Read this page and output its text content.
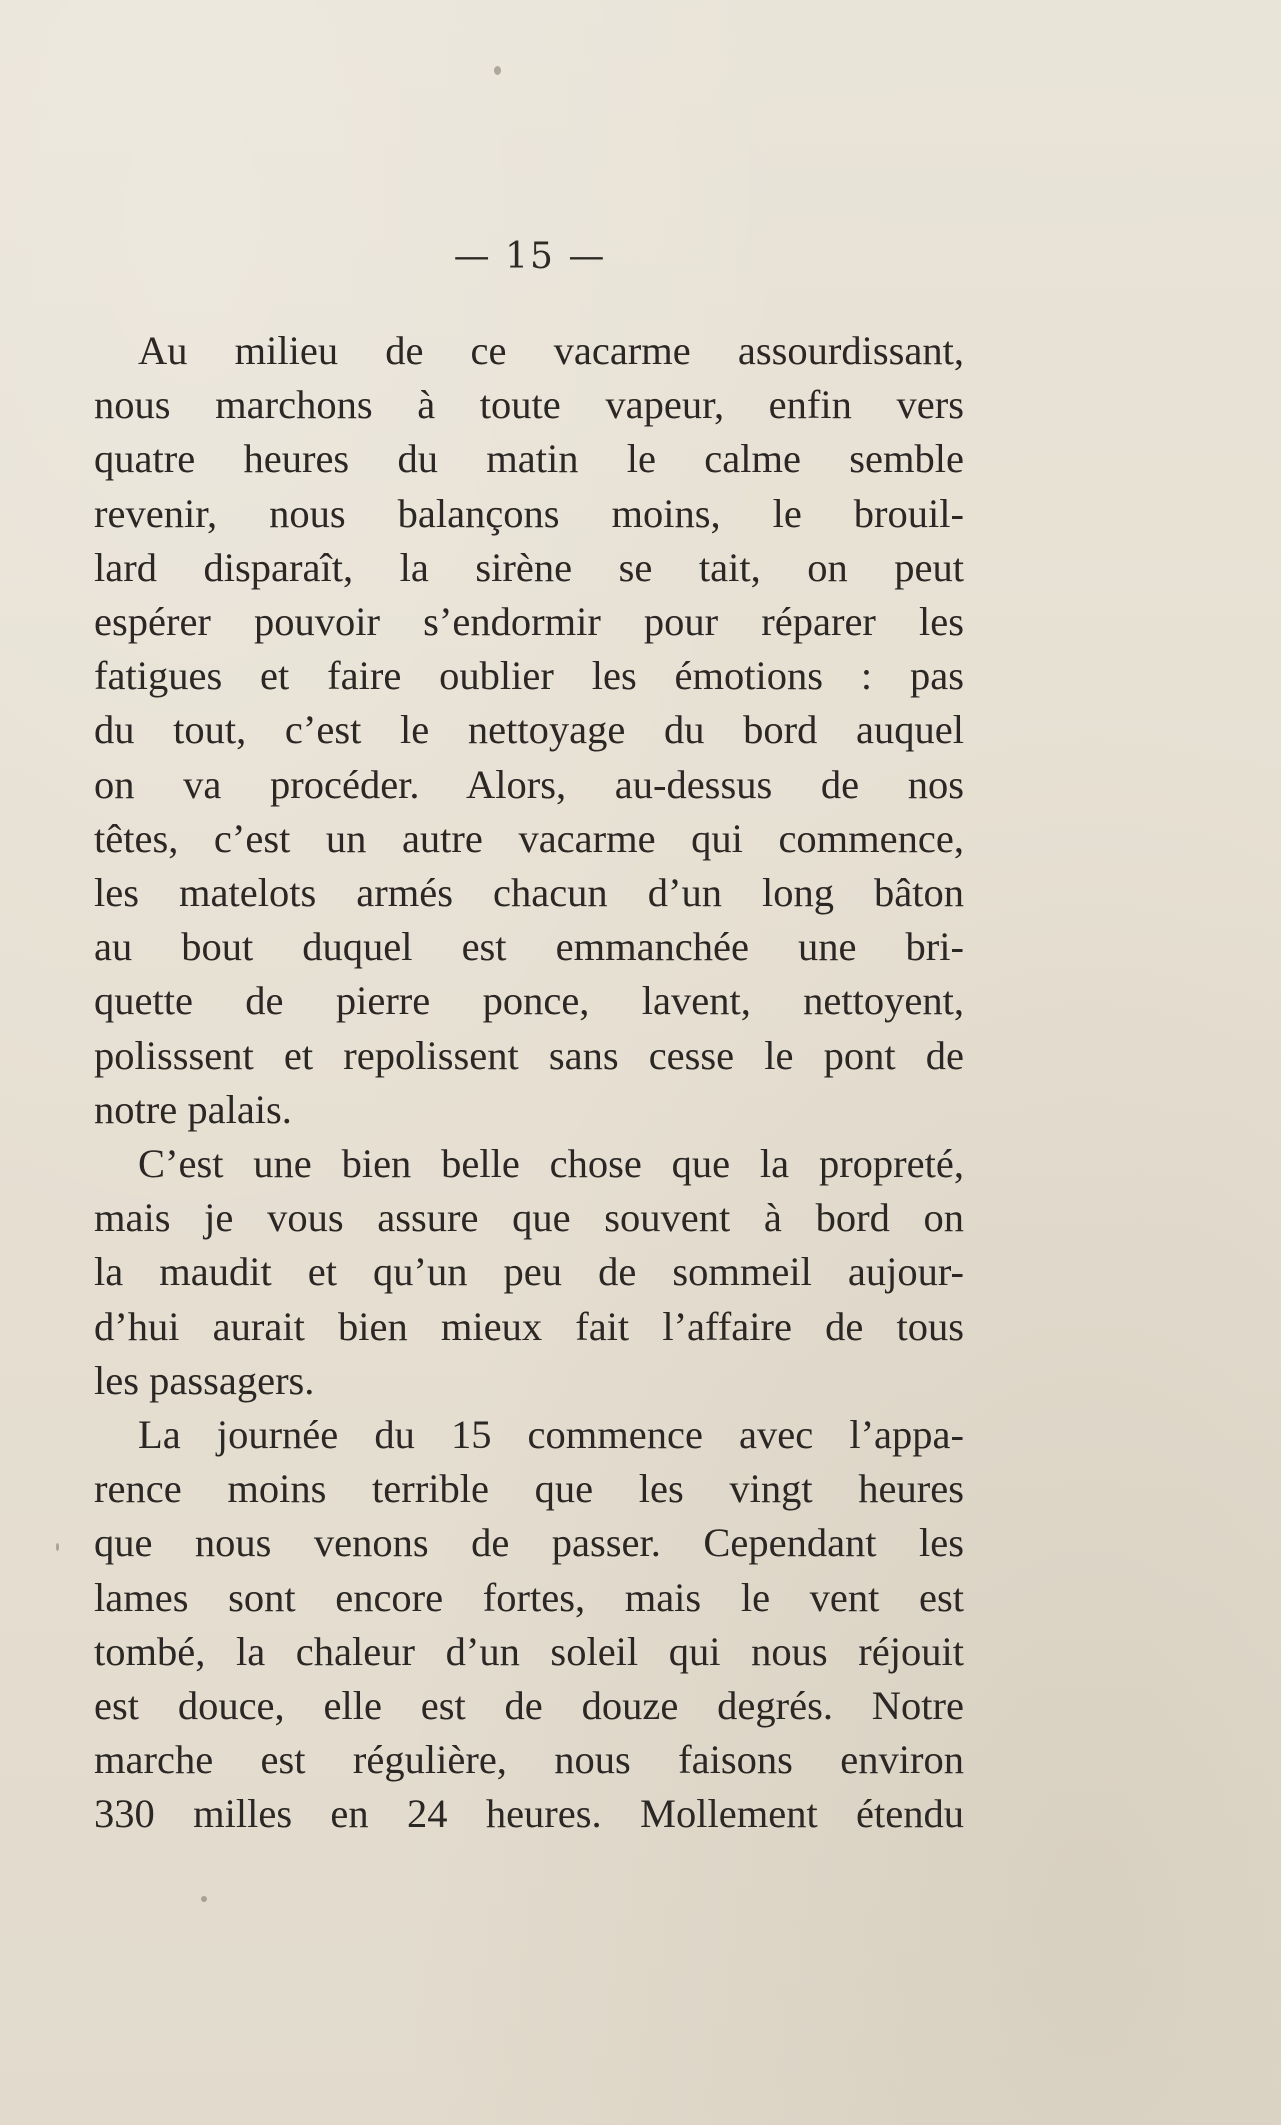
— 15 —
Au milieu de ce vacarme assourdissant,
nous marchons à toute vapeur, enfin vers
quatre heures du matin le calme semble
revenir, nous balançons moins, le brouil-
lard disparaît, la sirène se tait, on peut
espérer pouvoir s’endormir pour réparer les
fatigues et faire oublier les émotions : pas
du tout, c’est le nettoyage du bord auquel
on va procéder. Alors, au-dessus de nos
têtes, c’est un autre vacarme qui commence,
les matelots armés chacun d’un long bâton
au bout duquel est emmanchée une bri-
quette de pierre ponce, lavent, nettoyent,
polisssent et repolissent sans cesse le pont de
notre palais.
C’est une bien belle chose que la propreté,
mais je vous assure que souvent à bord on
la maudit et qu’un peu de sommeil aujour-
d’hui aurait bien mieux fait l’affaire de tous
les passagers.
La journée du 15 commence avec l’appa-
rence moins terrible que les vingt heures
que nous venons de passer. Cependant les
lames sont encore fortes, mais le vent est
tombé, la chaleur d’un soleil qui nous réjouit
est douce, elle est de douze degrés. Notre
marche est régulière, nous faisons environ
330 milles en 24 heures. Mollement étendu
